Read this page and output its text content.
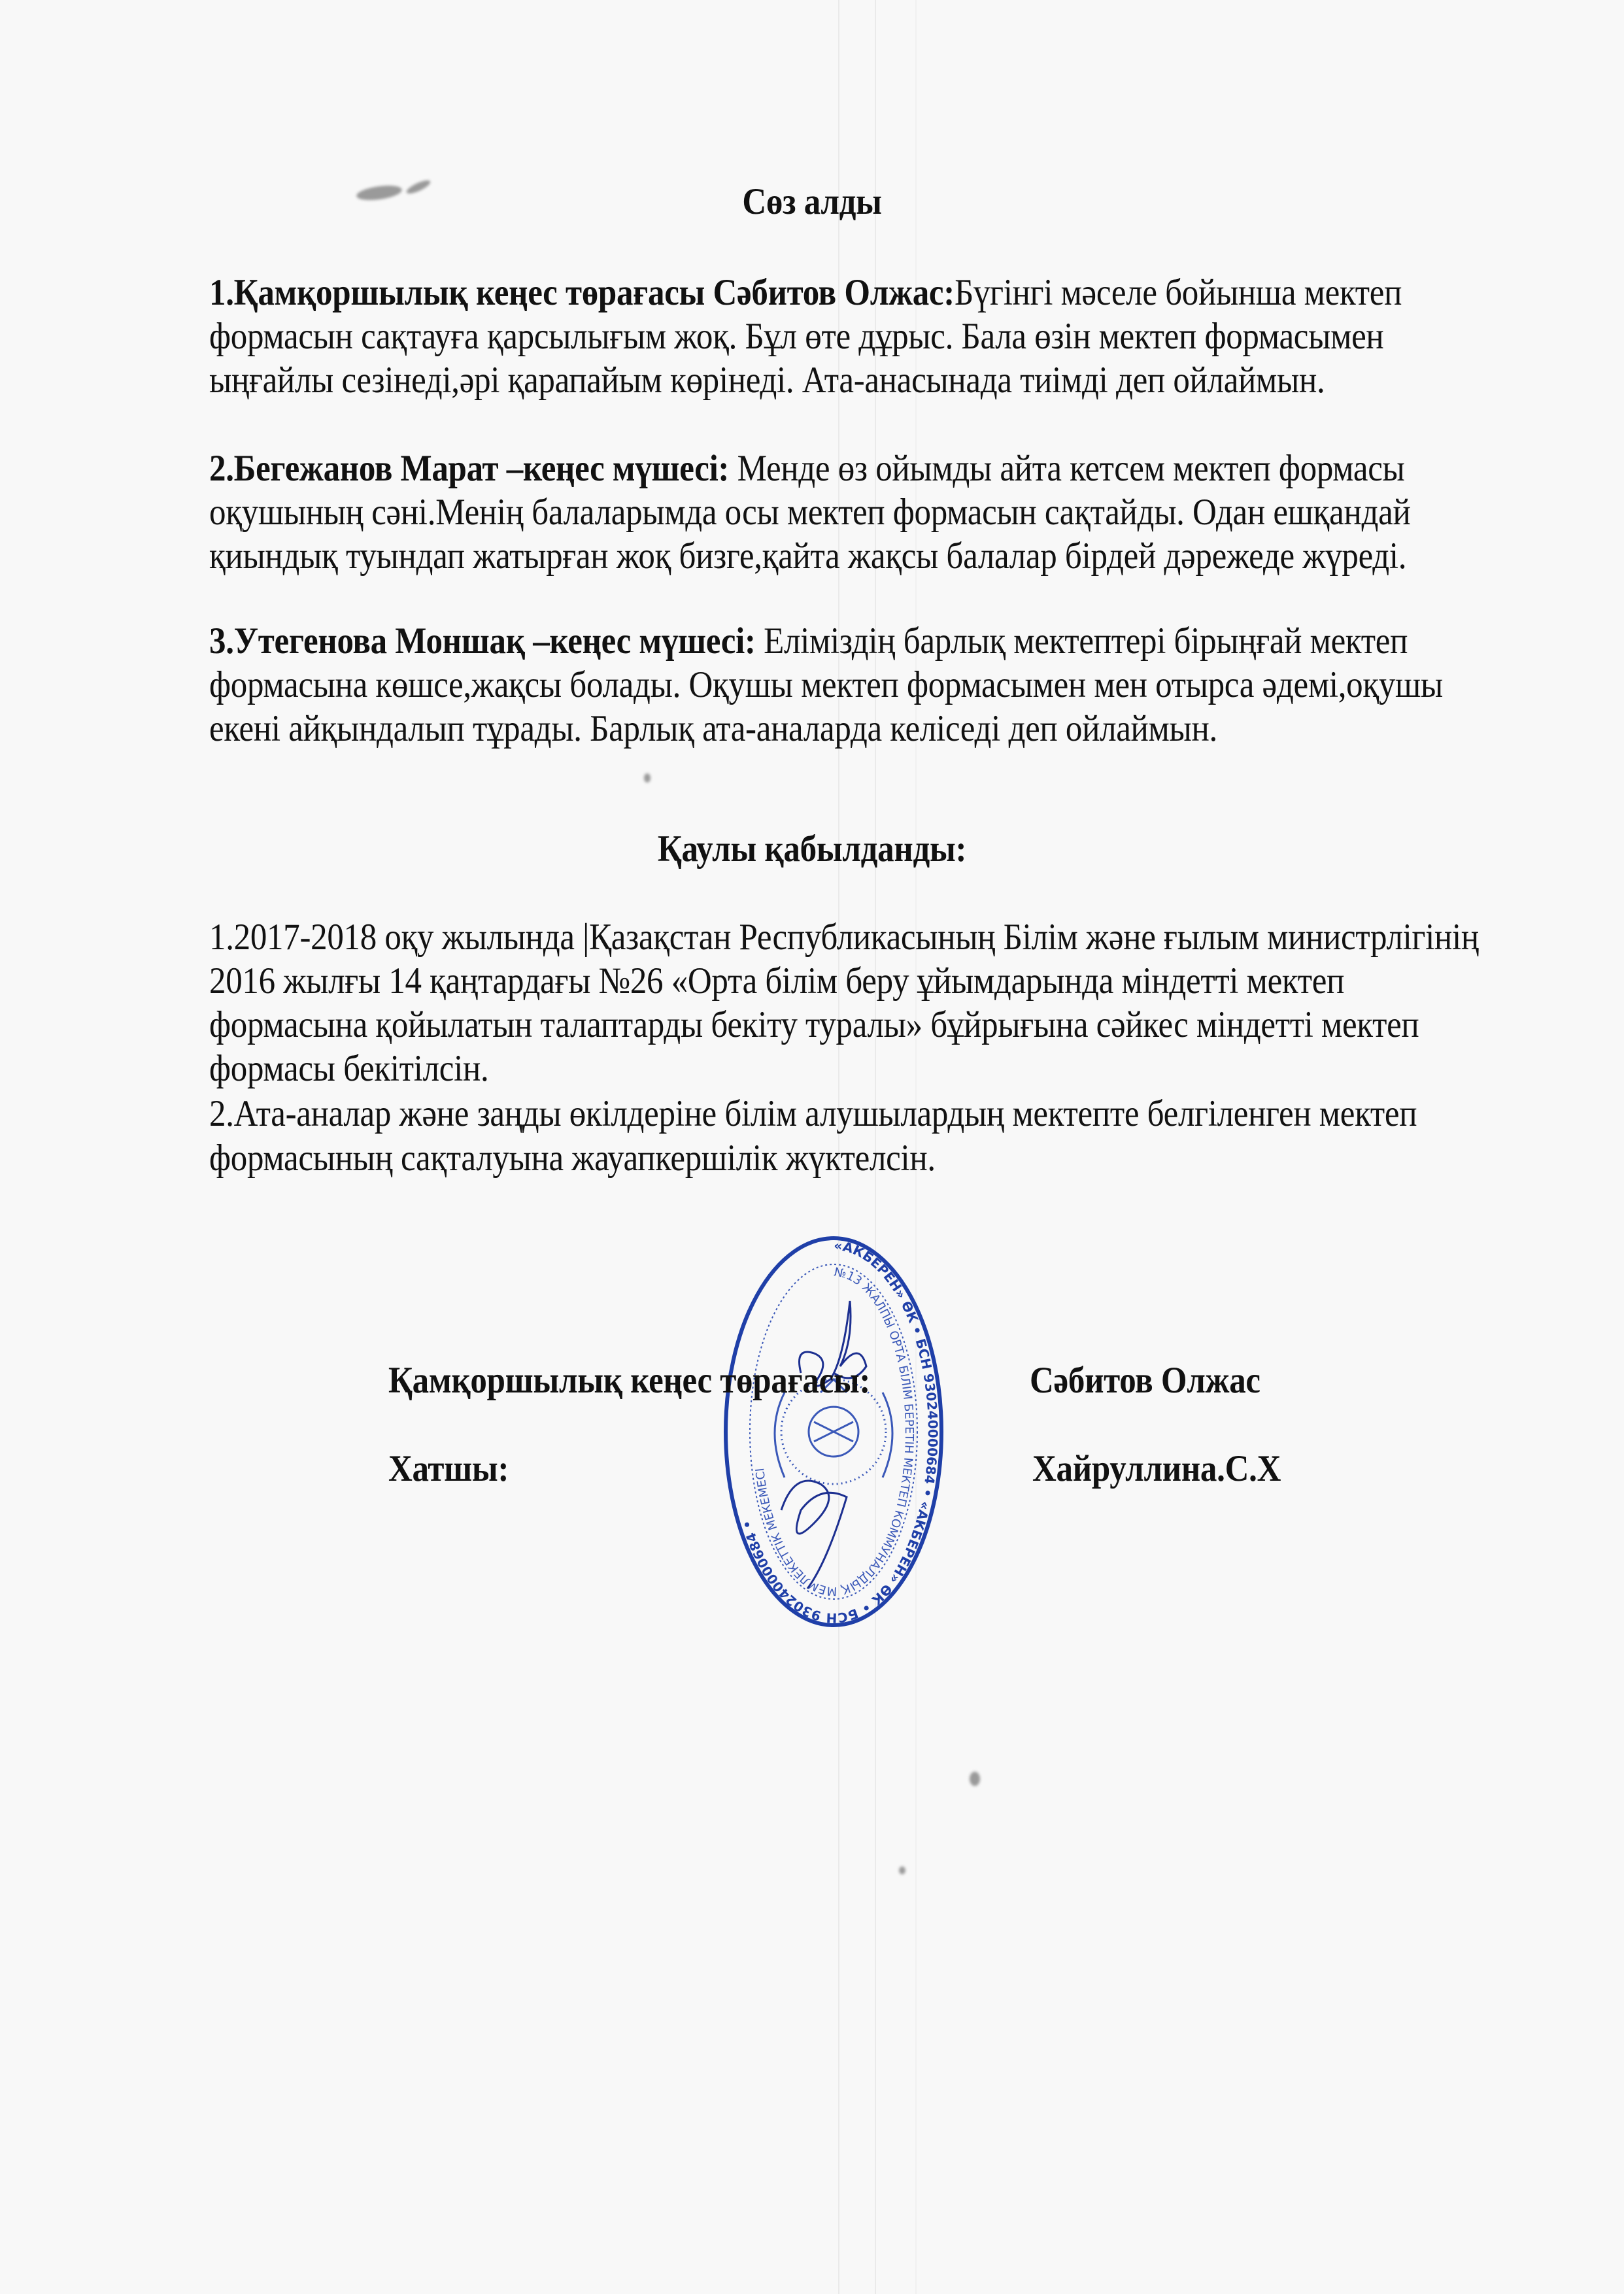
Сөз алды
1.Қамқоршылық кеңес төрағасы Сәбитов Олжас:Бүгінгі мәселе бойынша мектеп
формасын сақтауға қарсылығым жоқ. Бұл өте дұрыс. Бала өзін мектеп формасымен
ыңғайлы сезінеді,әрі қарапайым көрінеді. Ата-анасынада тиімді деп ойлаймын.
2.Бегежанов Марат –кеңес мүшесі: Менде өз ойымды айта кетсем мектеп формасы
оқушының сәні.Менің балаларымда осы мектеп формасын сақтайды. Одан ешқандай
қиындық туындап жатырған жоқ бизге,қайта жақсы балалар бірдей дәрежеде жүреді.
3.Утегенова Моншақ –кеңес мүшесі: Еліміздің барлық мектептері бірыңғай мектеп
формасына көшсе,жақсы болады. Оқушы мектеп формасымен мен отырса әдемі,оқушы
екені айқындалып тұрады. Барлық ата-аналарда келіседі деп ойлаймын.
Қаулы қабылданды:
1.2017-2018 оқу жылында |Қазақстан Республикасының Білім және ғылым министрлігінің
2016 жылғы 14 қаңтардағы №26 «Орта білім беру ұйымдарында міндетті мектеп
формасына қойылатын талаптарды бекіту туралы» бұйрығына сәйкес міндетті мектеп
формасы бекітілсін.
2.Ата-аналар және заңды өкілдеріне білім алушылардың мектепте белгіленген мектеп
формасының сақталуына жауапкершілік жүктелсін.
«АКБЕРЕН» ӨК • БСН 930240000684 • «АКБЕРЕН» ӨК • БСН 930240000684 •
№13 ЖАЛПЫ ОРТА БІЛІМ БЕРЕТІН МЕКТЕП КОММУНАЛДЫҚ МЕМЛЕКЕТТІК МЕКЕМЕСІ
Қамқоршылық кеңес төрағасы:	Сәбитов Олжас
Хатшы:	Хайруллина.С.Х
